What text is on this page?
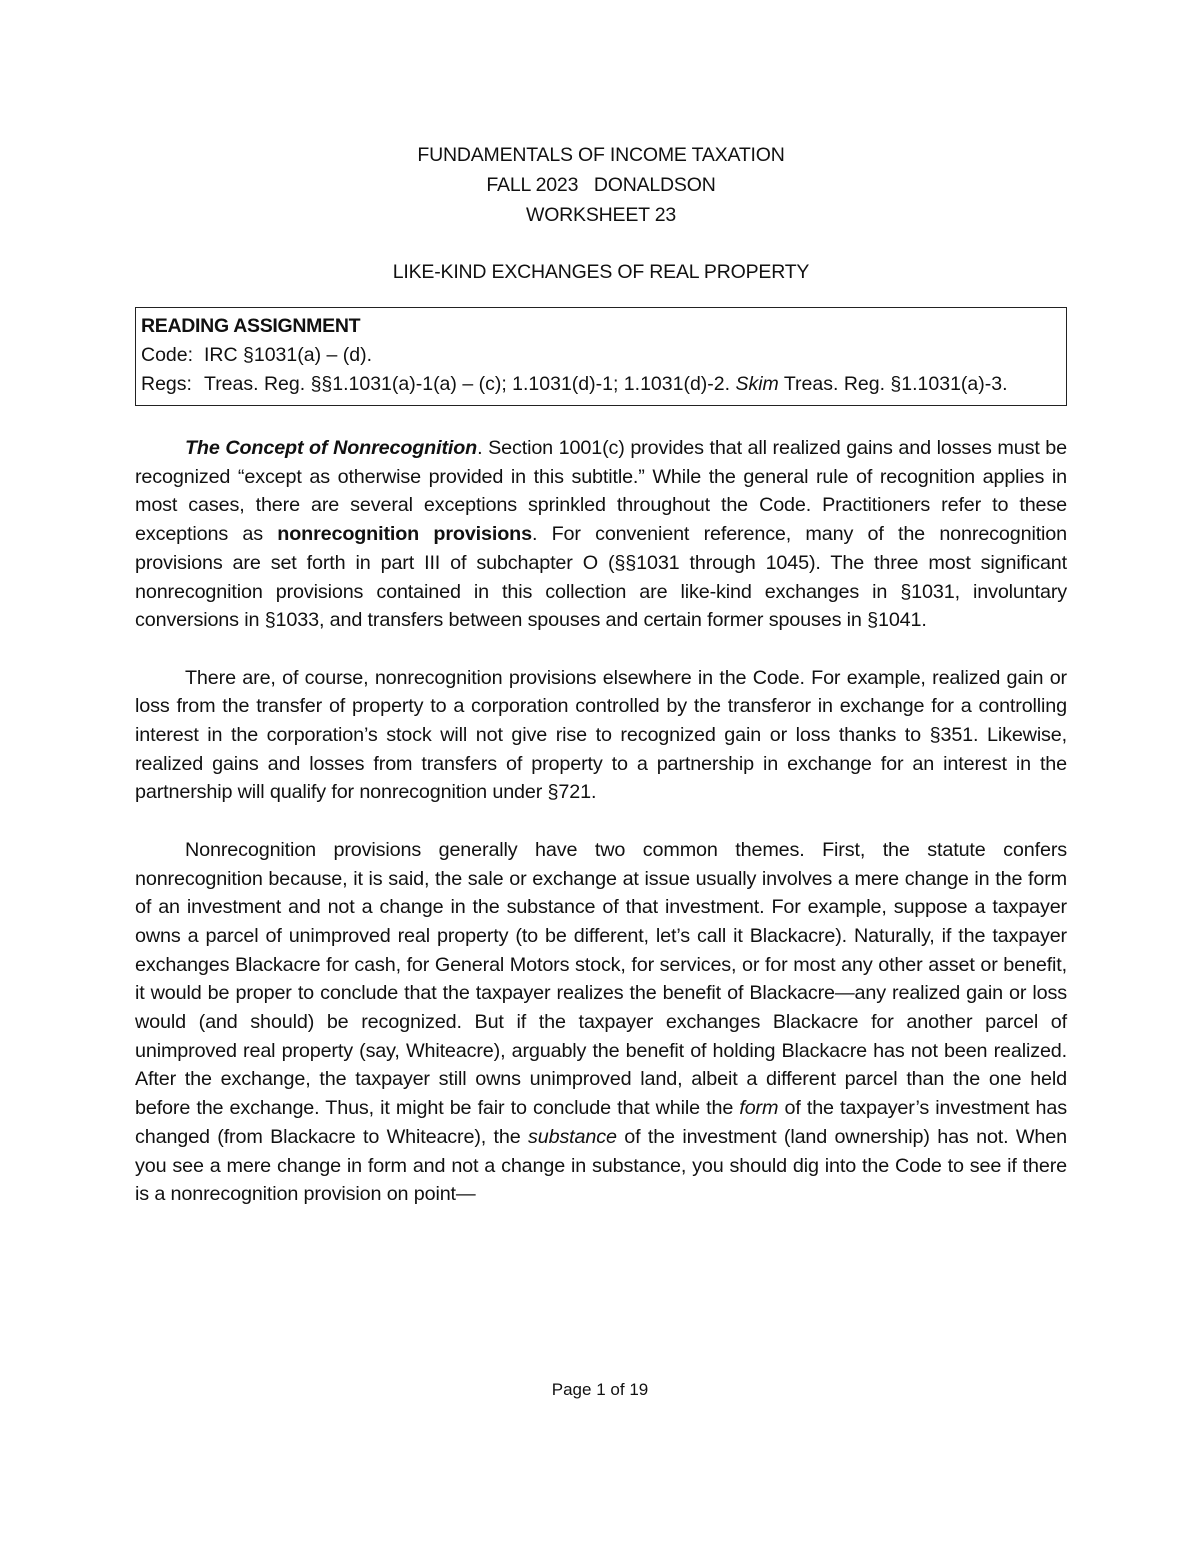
FUNDAMENTALS OF INCOME TAXATION
FALL 2023   DONALDSON
WORKSHEET 23
LIKE-KIND EXCHANGES OF REAL PROPERTY
READING ASSIGNMENT
Code: IRC §1031(a) – (d).
Regs: Treas. Reg. §§1.1031(a)-1(a) – (c); 1.1031(d)-1; 1.1031(d)-2. Skim Treas. Reg. §1.1031(a)-3.

The Concept of Nonrecognition. Section 1001(c) provides that all realized gains and losses must be recognized “except as otherwise provided in this subtitle.” While the general rule of recognition applies in most cases, there are several exceptions sprinkled throughout the Code. Practitioners refer to these exceptions as nonrecognition provisions. For convenient reference, many of the nonrecognition provisions are set forth in part III of subchapter O (§§1031 through 1045). The three most significant nonrecognition provisions contained in this collection are like-kind exchanges in §1031, involuntary conversions in §1033, and transfers between spouses and certain former spouses in §1041.

There are, of course, nonrecognition provisions elsewhere in the Code. For example, realized gain or loss from the transfer of property to a corporation controlled by the transferor in exchange for a controlling interest in the corporation’s stock will not give rise to recognized gain or loss thanks to §351. Likewise, realized gains and losses from transfers of property to a partnership in exchange for an interest in the partnership will qualify for nonrecognition under §721.

Nonrecognition provisions generally have two common themes. First, the statute confers nonrecognition because, it is said, the sale or exchange at issue usually involves a mere change in the form of an investment and not a change in the substance of that investment. For example, suppose a taxpayer owns a parcel of unimproved real property (to be different, let’s call it Blackacre). Naturally, if the taxpayer exchanges Blackacre for cash, for General Motors stock, for services, or for most any other asset or benefit, it would be proper to conclude that the taxpayer realizes the benefit of Blackacre—any realized gain or loss would (and should) be recognized. But if the taxpayer exchanges Blackacre for another parcel of unimproved real property (say, Whiteacre), arguably the benefit of holding Blackacre has not been realized. After the exchange, the taxpayer still owns unimproved land, albeit a different parcel than the one held before the exchange. Thus, it might be fair to conclude that while the form of the taxpayer’s investment has changed (from Blackacre to Whiteacre), the substance of the investment (land ownership) has not. When you see a mere change in form and not a change in substance, you should dig into the Code to see if there is a nonrecognition provision on point—

Page 1 of 19
